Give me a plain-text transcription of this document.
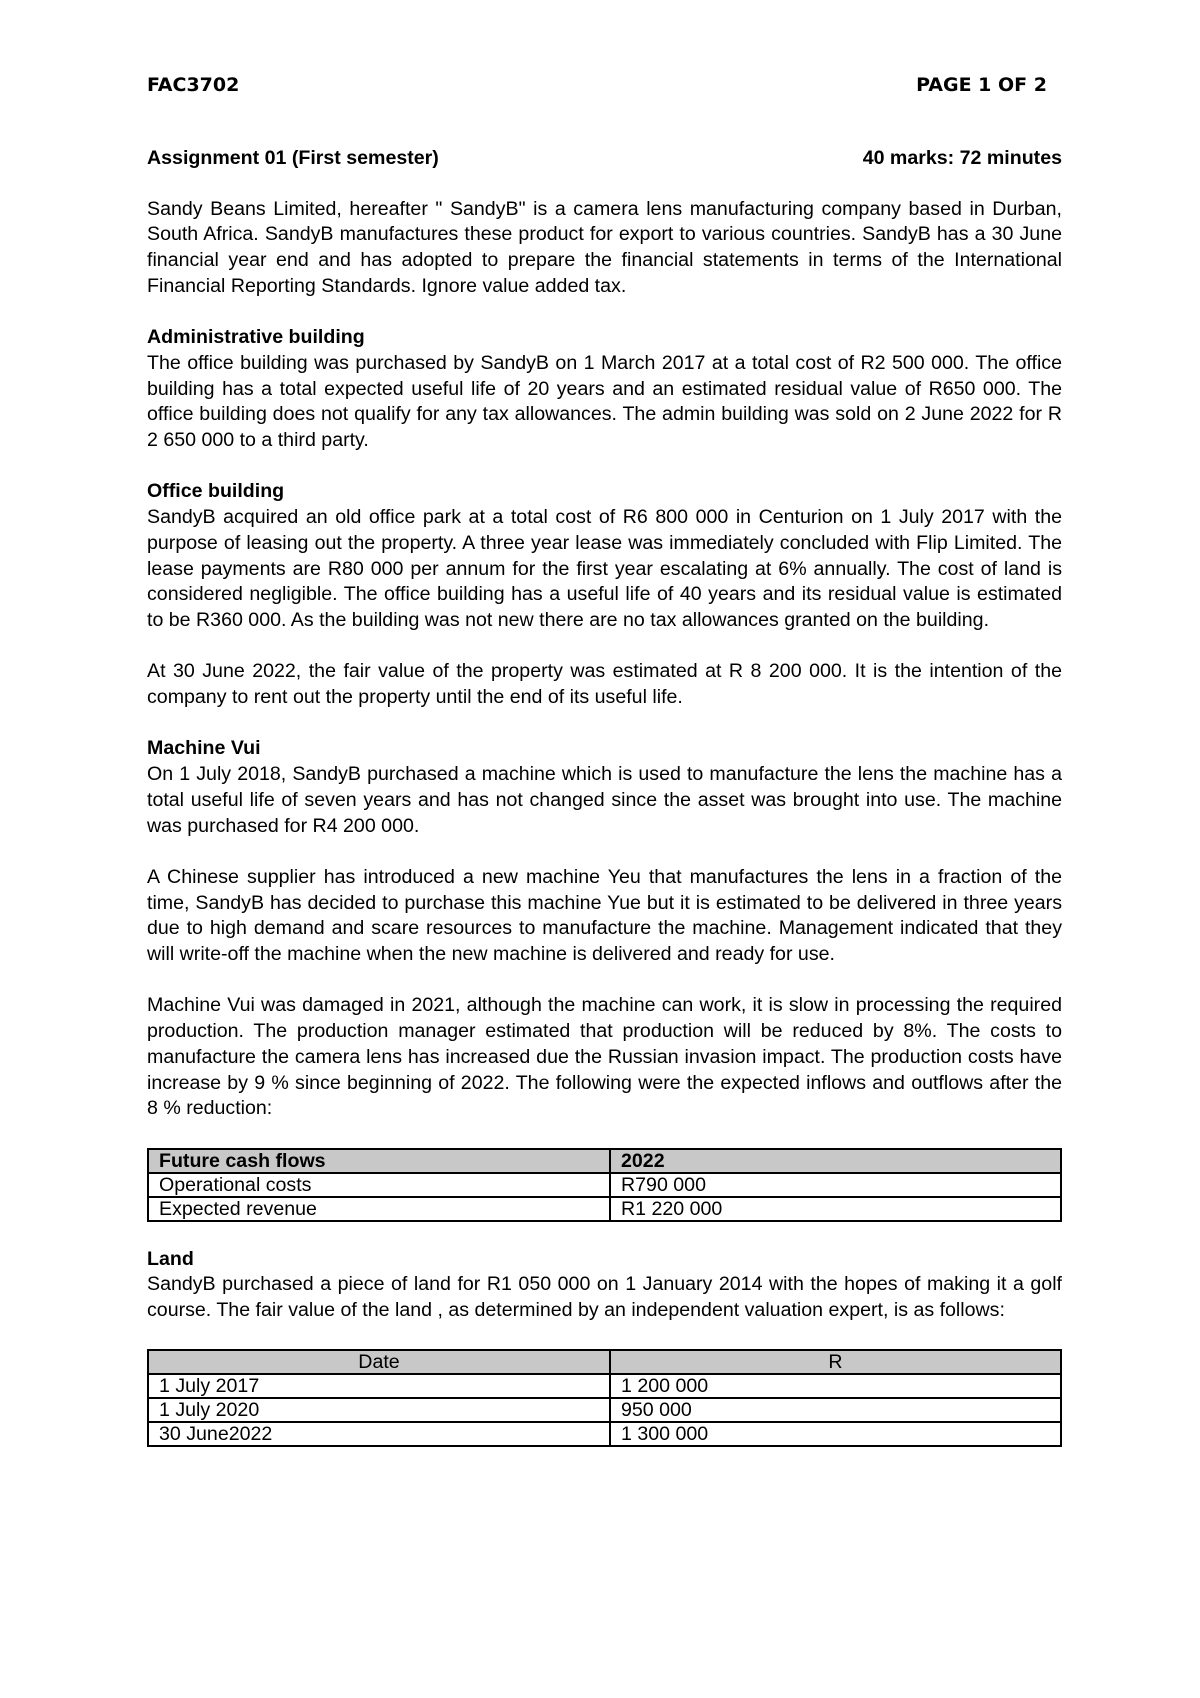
FAC3702	PAGE 1 OF 2
Assignment 01 (First semester)	40 marks: 72 minutes

Sandy Beans Limited, hereafter " SandyB" is a camera lens manufacturing company based in Durban, South Africa. SandyB manufactures these product for export to various countries. SandyB has a 30 June financial year end and has adopted to prepare the financial statements in terms of the International Financial Reporting Standards. Ignore value added tax.

Administrative building

The office building was purchased by SandyB on 1 March 2017 at a total cost of R2 500 000. The office building has a total expected useful life of 20 years and an estimated residual value of R650 000. The office building does not qualify for any tax allowances. The admin building was sold on 2 June 2022 for R 2 650 000 to a third party.

Office building

SandyB acquired an old office park at a total cost of R6 800 000 in Centurion on 1 July 2017 with the purpose of leasing out the property. A three year lease was immediately concluded with Flip Limited. The lease payments are R80 000 per annum for the first year escalating at 6% annually. The cost of land is considered negligible. The office building has a useful life of 40 years and its residual value is estimated to be R360 000. As the building was not new there are no tax allowances granted on the building.

At 30 June 2022, the fair value of the property was estimated at R 8 200 000. It is the intention of the company to rent out the property until the end of its useful life.

Machine Vui

On 1 July 2018, SandyB purchased a machine which is used to manufacture the lens the machine has a total useful life of seven years and has not changed since the asset was brought into use. The machine was purchased for R4 200 000.

A Chinese supplier has introduced a new machine Yeu that manufactures the lens in a fraction of the time, SandyB has decided to purchase this machine Yue but it is estimated to be delivered in three years due to high demand and scare resources to manufacture the machine. Management indicated that they will write-off the machine when the new machine is delivered and ready for use.

Machine Vui was damaged in 2021, although the machine can work, it is slow in processing the required production. The production manager estimated that production will be reduced by 8%. The costs to manufacture the camera lens has increased due the Russian invasion impact. The production costs have increase by 9 % since beginning of 2022. The following were the expected inflows and outflows after the 8 % reduction:

Future cash flows	2022
Operational costs	R790 000
Expected revenue	R1 220 000
Land

SandyB purchased a piece of land for R1 050 000 on 1 January 2014 with the hopes of making it a golf course. The fair value of the land , as determined by an independent valuation expert, is as follows:

Date	R
1 July 2017	1 200 000
1 July 2020	950 000
30 June2022	1 300 000
